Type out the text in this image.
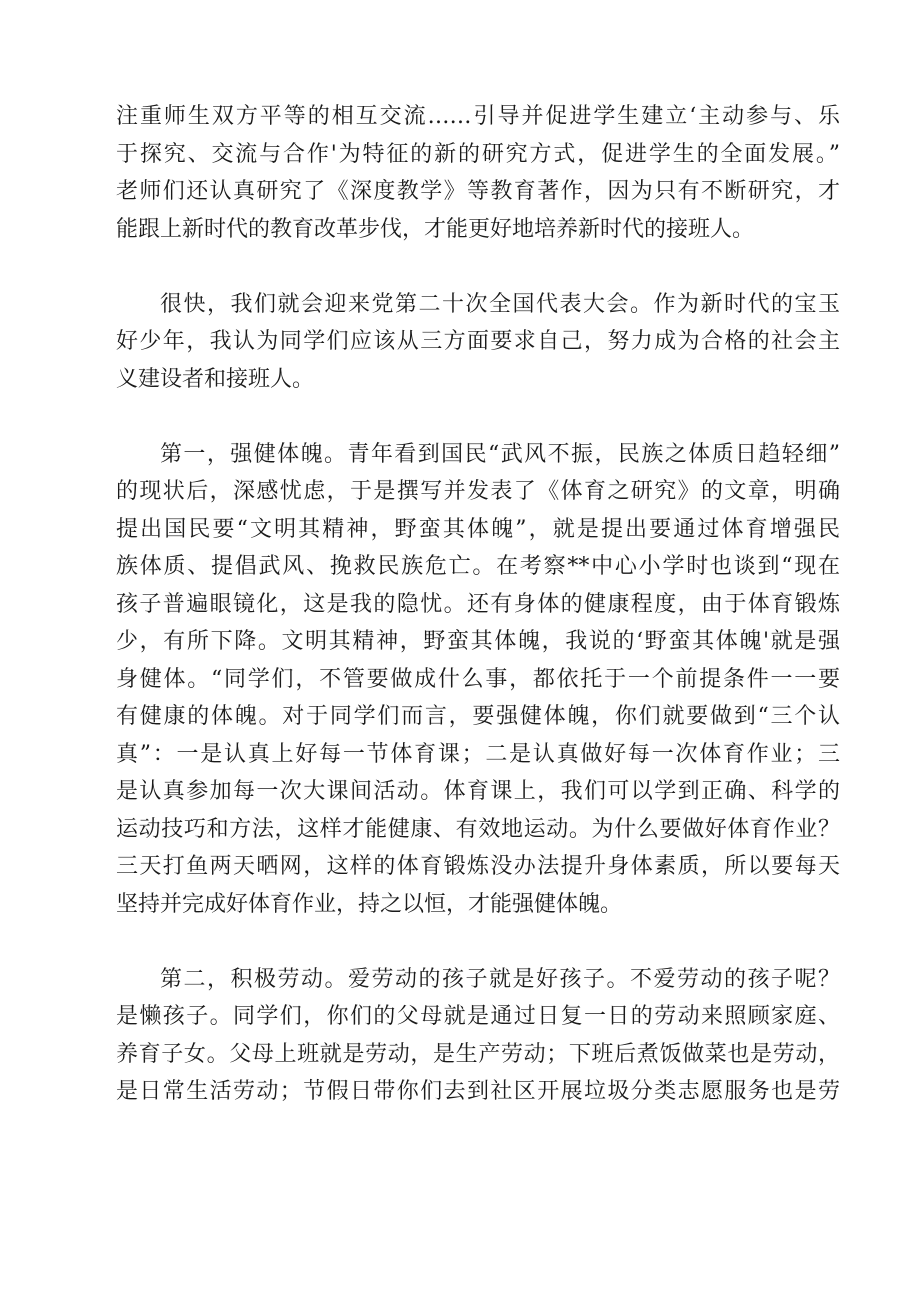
注重师生双方平等的相互交流……引导并促进学生建立‘主动参与、乐
于探究、交流与合作'为特征的新的研究方式，促进学生的全面发展。”
老师们还认真研究了《深度教学》等教育著作，因为只有不断研究，才
能跟上新时代的教育改革步伐，才能更好地培养新时代的接班人。
很快，我们就会迎来党第二十次全国代表大会。作为新时代的宝玉
好少年，我认为同学们应该从三方面要求自己，努力成为合格的社会主
义建设者和接班人。
第一，强健体魄。青年看到国民“武风不振，民族之体质日趋轻细”
的现状后，深感忧虑，于是撰写并发表了《体育之研究》的文章，明确
提出国民要“文明其精神，野蛮其体魄”，就是提出要通过体育增强民
族体质、提倡武风、挽救民族危亡。在考察**中心小学时也谈到“现在
孩子普遍眼镜化，这是我的隐忧。还有身体的健康程度，由于体育锻炼
少，有所下降。文明其精神，野蛮其体魄，我说的‘野蛮其体魄'就是强
身健体。“同学们，不管要做成什么事，都依托于一个前提条件一一要
有健康的体魄。对于同学们而言，要强健体魄，你们就要做到“三个认
真”：一是认真上好每一节体育课；二是认真做好每一次体育作业；三
是认真参加每一次大课间活动。体育课上，我们可以学到正确、科学的
运动技巧和方法，这样才能健康、有效地运动。为什么要做好体育作业？
三天打鱼两天晒网，这样的体育锻炼没办法提升身体素质，所以要每天
坚持并完成好体育作业，持之以恒，才能强健体魄。
第二，积极劳动。爱劳动的孩子就是好孩子。不爱劳动的孩子呢？
是懒孩子。同学们，你们的父母就是通过日复一日的劳动来照顾家庭、
养育子女。父母上班就是劳动，是生产劳动；下班后煮饭做菜也是劳动，
是日常生活劳动；节假日带你们去到社区开展垃圾分类志愿服务也是劳
